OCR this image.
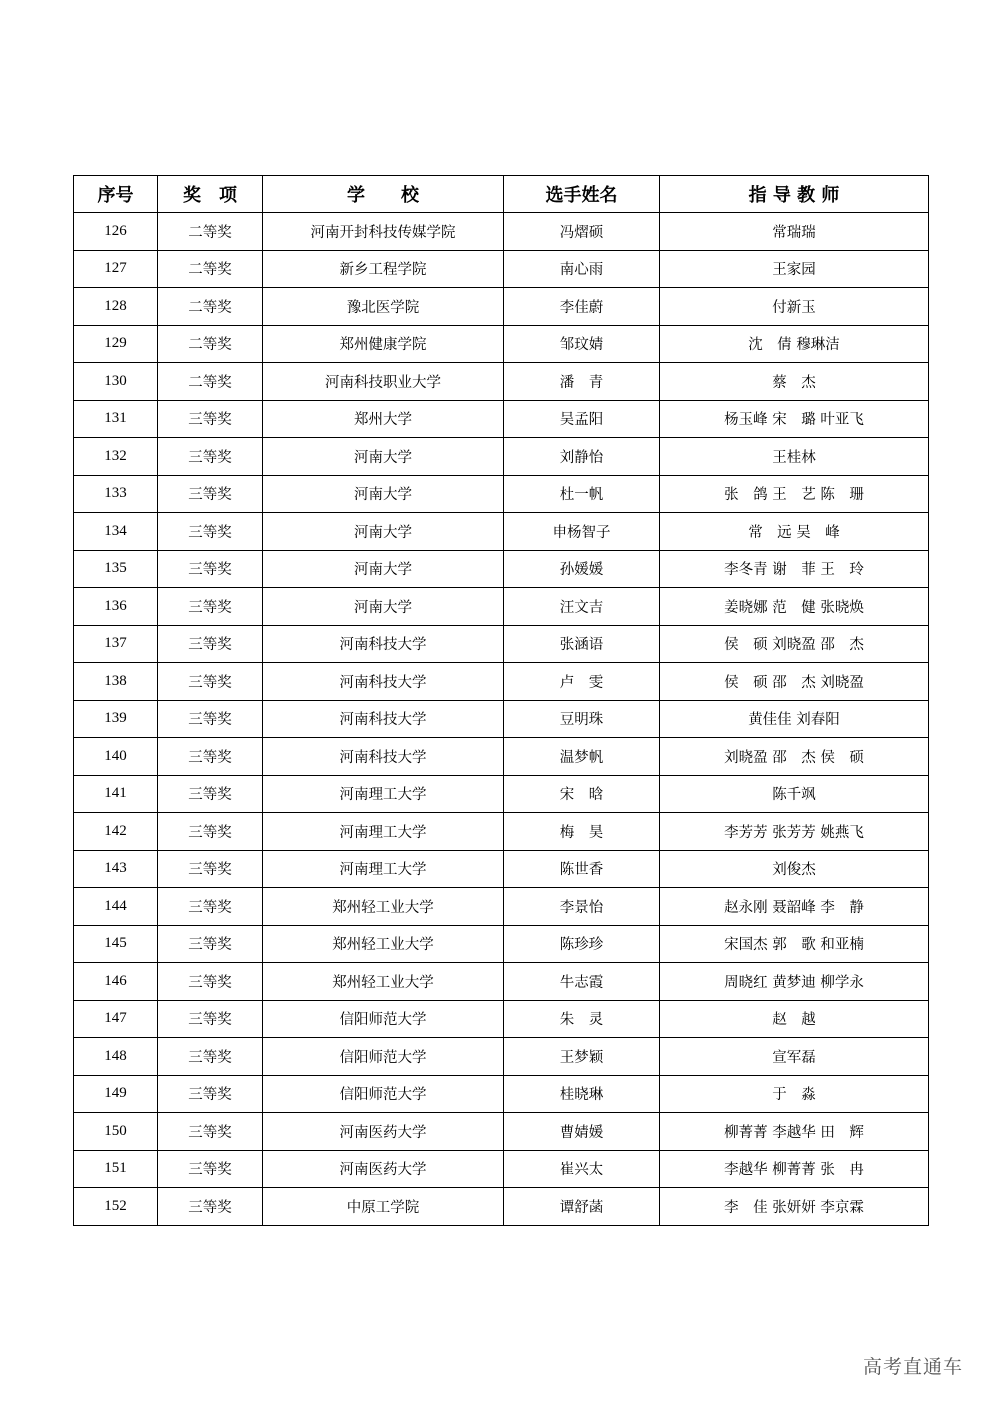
序号	奖　项	学　　校	选手姓名	指 导 教 师
126	二等奖	河南开封科技传媒学院	冯熠硕	常瑞瑞
127	二等奖	新乡工程学院	南心雨	王家园
128	二等奖	豫北医学院	李佳蔚	付新玉
129	二等奖	郑州健康学院	邹玟婧	沈　倩 穆琳洁
130	二等奖	河南科技职业大学	潘　青	蔡　杰
131	三等奖	郑州大学	吴孟阳	杨玉峰 宋　璐 叶亚飞
132	三等奖	河南大学	刘静怡	王桂林
133	三等奖	河南大学	杜一帆	张　鸽 王　艺 陈　珊
134	三等奖	河南大学	申杨智子	常　远 吴　峰
135	三等奖	河南大学	孙媛媛	李冬青 谢　菲 王　玲
136	三等奖	河南大学	汪文吉	姜晓娜 范　健 张晓焕
137	三等奖	河南科技大学	张涵语	侯　硕 刘晓盈 邵　杰
138	三等奖	河南科技大学	卢　雯	侯　硕 邵　杰 刘晓盈
139	三等奖	河南科技大学	豆明珠	黄佳佳 刘春阳
140	三等奖	河南科技大学	温梦帆	刘晓盈 邵　杰 侯　硕
141	三等奖	河南理工大学	宋　晗	陈千飒
142	三等奖	河南理工大学	梅　昊	李芳芳 张芳芳 姚燕飞
143	三等奖	河南理工大学	陈世香	刘俊杰
144	三等奖	郑州轻工业大学	李景怡	赵永刚 聂韶峰 李　静
145	三等奖	郑州轻工业大学	陈珍珍	宋国杰 郭　歌 和亚楠
146	三等奖	郑州轻工业大学	牛志霞	周晓红 黄梦迪 柳学永
147	三等奖	信阳师范大学	朱　灵	赵　越
148	三等奖	信阳师范大学	王梦颖	宣军磊
149	三等奖	信阳师范大学	桂晓琳	于　淼
150	三等奖	河南医药大学	曹婧媛	柳菁菁 李越华 田　辉
151	三等奖	河南医药大学	崔兴太	李越华 柳菁菁 张　冉
152	三等奖	中原工学院	谭舒菡	李　佳 张妍妍 李京霖
高考直通车
